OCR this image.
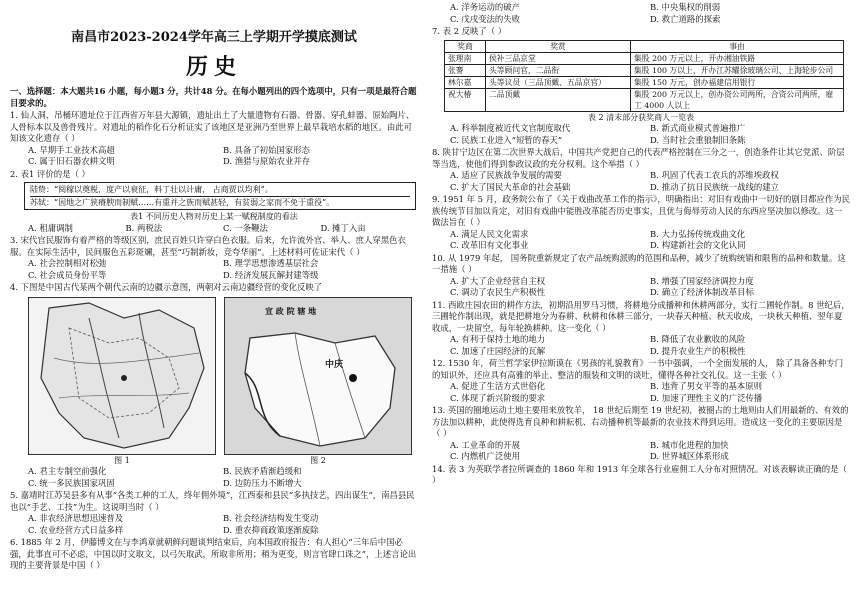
南昌市2023-2024学年高三上学期开学摸底测试
历史
一、选择题：本大题共16 小题，每小题3 分，共计48 分。在每小题列出的四个选项中，只有一项是最符合题目要求的。
1. 仙人洞、吊桶环遗址位于江西省万年县大源镇，遗址出土了大量遗物有石器、骨器、穿孔蚌器、原始陶片、人骨标本以及兽骨残片。对遗址的稻作化石分析证实了该地区是亚洲乃至世界上最早栽培水稻的地区。由此可知该文化遗存（ ）
A. 早期手工业技术高超	B. 具备了初始国家形态
C. 属于旧石器农耕文明	D. 渔猎与原始农业并存
2. 表1 评价的是（ ）
陆贽：“阅稼以奠税，度产以衰征，料丁壮以计庸， 占商贾以均利”。
苏轼：“因地之广狭瘠腴而制赋……有重并之族而赋甚轻，有贫弱之家而不免于重役”。
表1 不同历史人物对历史上某一赋税制度的看法
A. 租庸调制	B. 两税法	C. 一条鞭法	D. 摊丁入亩
3. 宋代官民服饰有着严格的等级区别，庶民百姓只许穿白色衣服。后来，允许流外官、举人、庶人穿黑色衣服。在实际生活中，民间服色五彩斑斓，甚至“巧制新妆，竞夸华丽”。上述材料可佐证宋代（ ）
A. 社会控制相对松弛	B. 理学思想渗透基层社会
C. 社会成员身份平等	D. 经济发展瓦解封建等级
4. 下图是中国古代某两个朝代云南的边疆示意图，两朝对云南边疆经营的变化反映了
宣 政 院 辖 地
中庆
图 1	图 2
A. 君主专制空前强化	B. 民族矛盾渐趋缓和
C. 统一多民族国家巩固	D. 边防压力不断增大
5. 嘉靖时江苏吴县多有从事“各类工种的工人，终年佣外境”，江西泰和县民“多执技艺，四出谋生”，南昌县民也以“手艺、工技”为生。这说明当时（ ）
A. 非农经济思想迅速普及	B. 社会经济结构发生变动
C. 农业经营方式日益多样	D. 重农抑商政策逐渐废除
6. 1885 年 2 月，伊藤博文在与李鸿章就朝鲜问题谈判结束后，向本国政府报告：有人担心“三年后中国必强，此事直可不必虑，中国以时文取文，以弓矢取武，所取非所用；稍为更变，则言官肆口诛之”，上述言论出现的主要背景是中国（ ）
A. 洋务运动的破产	B. 中央集权的削弱
C. 戊戌变法的失败	D. 救亡道路的探索
7. 表 2 反映了（ ）
奖商	奖赏	事由
张理南	侯补三品京堂	集股 200 万元以上，开办湘油铁路
张謇	头等顾问官，二品衔	集股 100 万以上，开办江苏耀徐玻璃公司、上海轮步公司
林尔嘉	头等议员（三品顶戴、五品京官）	集股 150 万元，创办福建信用银行
祝大椿	二品顶戴	集股 200 万元以上，创办资公司两所，合资公司两所，雇工 4000 人以上
表 2 清末部分获奖商人一览表
A. 科举制度被近代文官制度取代	B. 新式商业模式普遍推广
C. 民族工业进入“短暂的春天”	D. 当时社会重狼制旧条陈
8. 陕甘宁边区在第二次世界大战后，中国共产党把自己的代表严格控制在三分之一，创造条件让其它党派、阶层等当选，使他们得到参政议政的充分权利。这个举措（ ）
A. 适应了民族战争发展的需要	B. 巩固了代表工农兵的苏维埃政权
C. 扩大了国民大革命的社会基础	D. 推动了抗日民族统一战线的建立
9. 1951 年 5 月，政务院公布了《关于戏曲改革工作的指示》，明确指出：对旧有戏曲中一切好的剧目都应作为民族传统节目加以肯定，对旧有戏曲中能胜改革能否历史事实，且优与侮辱劳动人民的东西应坚决加以修改。这一做法旨在（ ）
A. 满足人民文化需求	B. 大力弘扬传统戏曲文化
C. 改革旧有文化事业	D. 构建新社会的文化认同
10. 从 1979 年起， 国务院重新规定了农产品统购派购的范围和品种，减少了统购统销和限售的品种和数量。这一措施（ ）
A. 扩大了企业经营自主权	B. 增强了国家经济调控力度
C. 调动了农民生产积极性	D. 确立了经济体制改革目标
11. 西欧庄园农田的耕作方法，初期沿用罗马习惯，将耕地分成播种和休耕两部分，实行二圃轮作制。8 世纪后，三圃轮作制出现，就是把耕地分为春耕、秋耕和休耕三部分，一块春天种植、秋天收成，一块秋天种植、翌年夏收成，一块留空，每年轮换耕种。这一变化（ ）
A. 有利于保持土地的地力	B. 降低了农业歉收的风险
C. 加速了庄园经济的瓦解	D. 提升农业生产的积极性
12. 1530 年，荷兰哲学家伊拉斯谟在《男孩的礼貌教育》一书中强调，一个全面发展的人， 除了具备各种专门的知识外，还应具有高雅的举止、整洁的服装和文明的谈吐，懂得各种社交礼仪。这一主张（ ）
A. 促进了生活方式世俗化	B. 违背了男女平等的基本原则
C. 体现了新兴阶级的要求	D. 加速了理性主义的广泛传播
13. 英国的圈地运动土地主要用来放牧羊， 18 世纪后期至 19 世纪初，被圈占的土地则由人们用最新的、有效的方法加以耕种，此使得选育良种和耕耘机、右动播种机等最新的农业技术得到运用。造成这一变化的主要原因是（ ）
A. 工业革命的开展	B. 城市化进程的加快
C. 内燃机广泛使用	D. 世界城区体系形成
14. 表 3 为英联学者拉所调查的 1860 年和 1913 年全球各行业雇佣工人分布对照情况。对该表解读正确的是（ ）
